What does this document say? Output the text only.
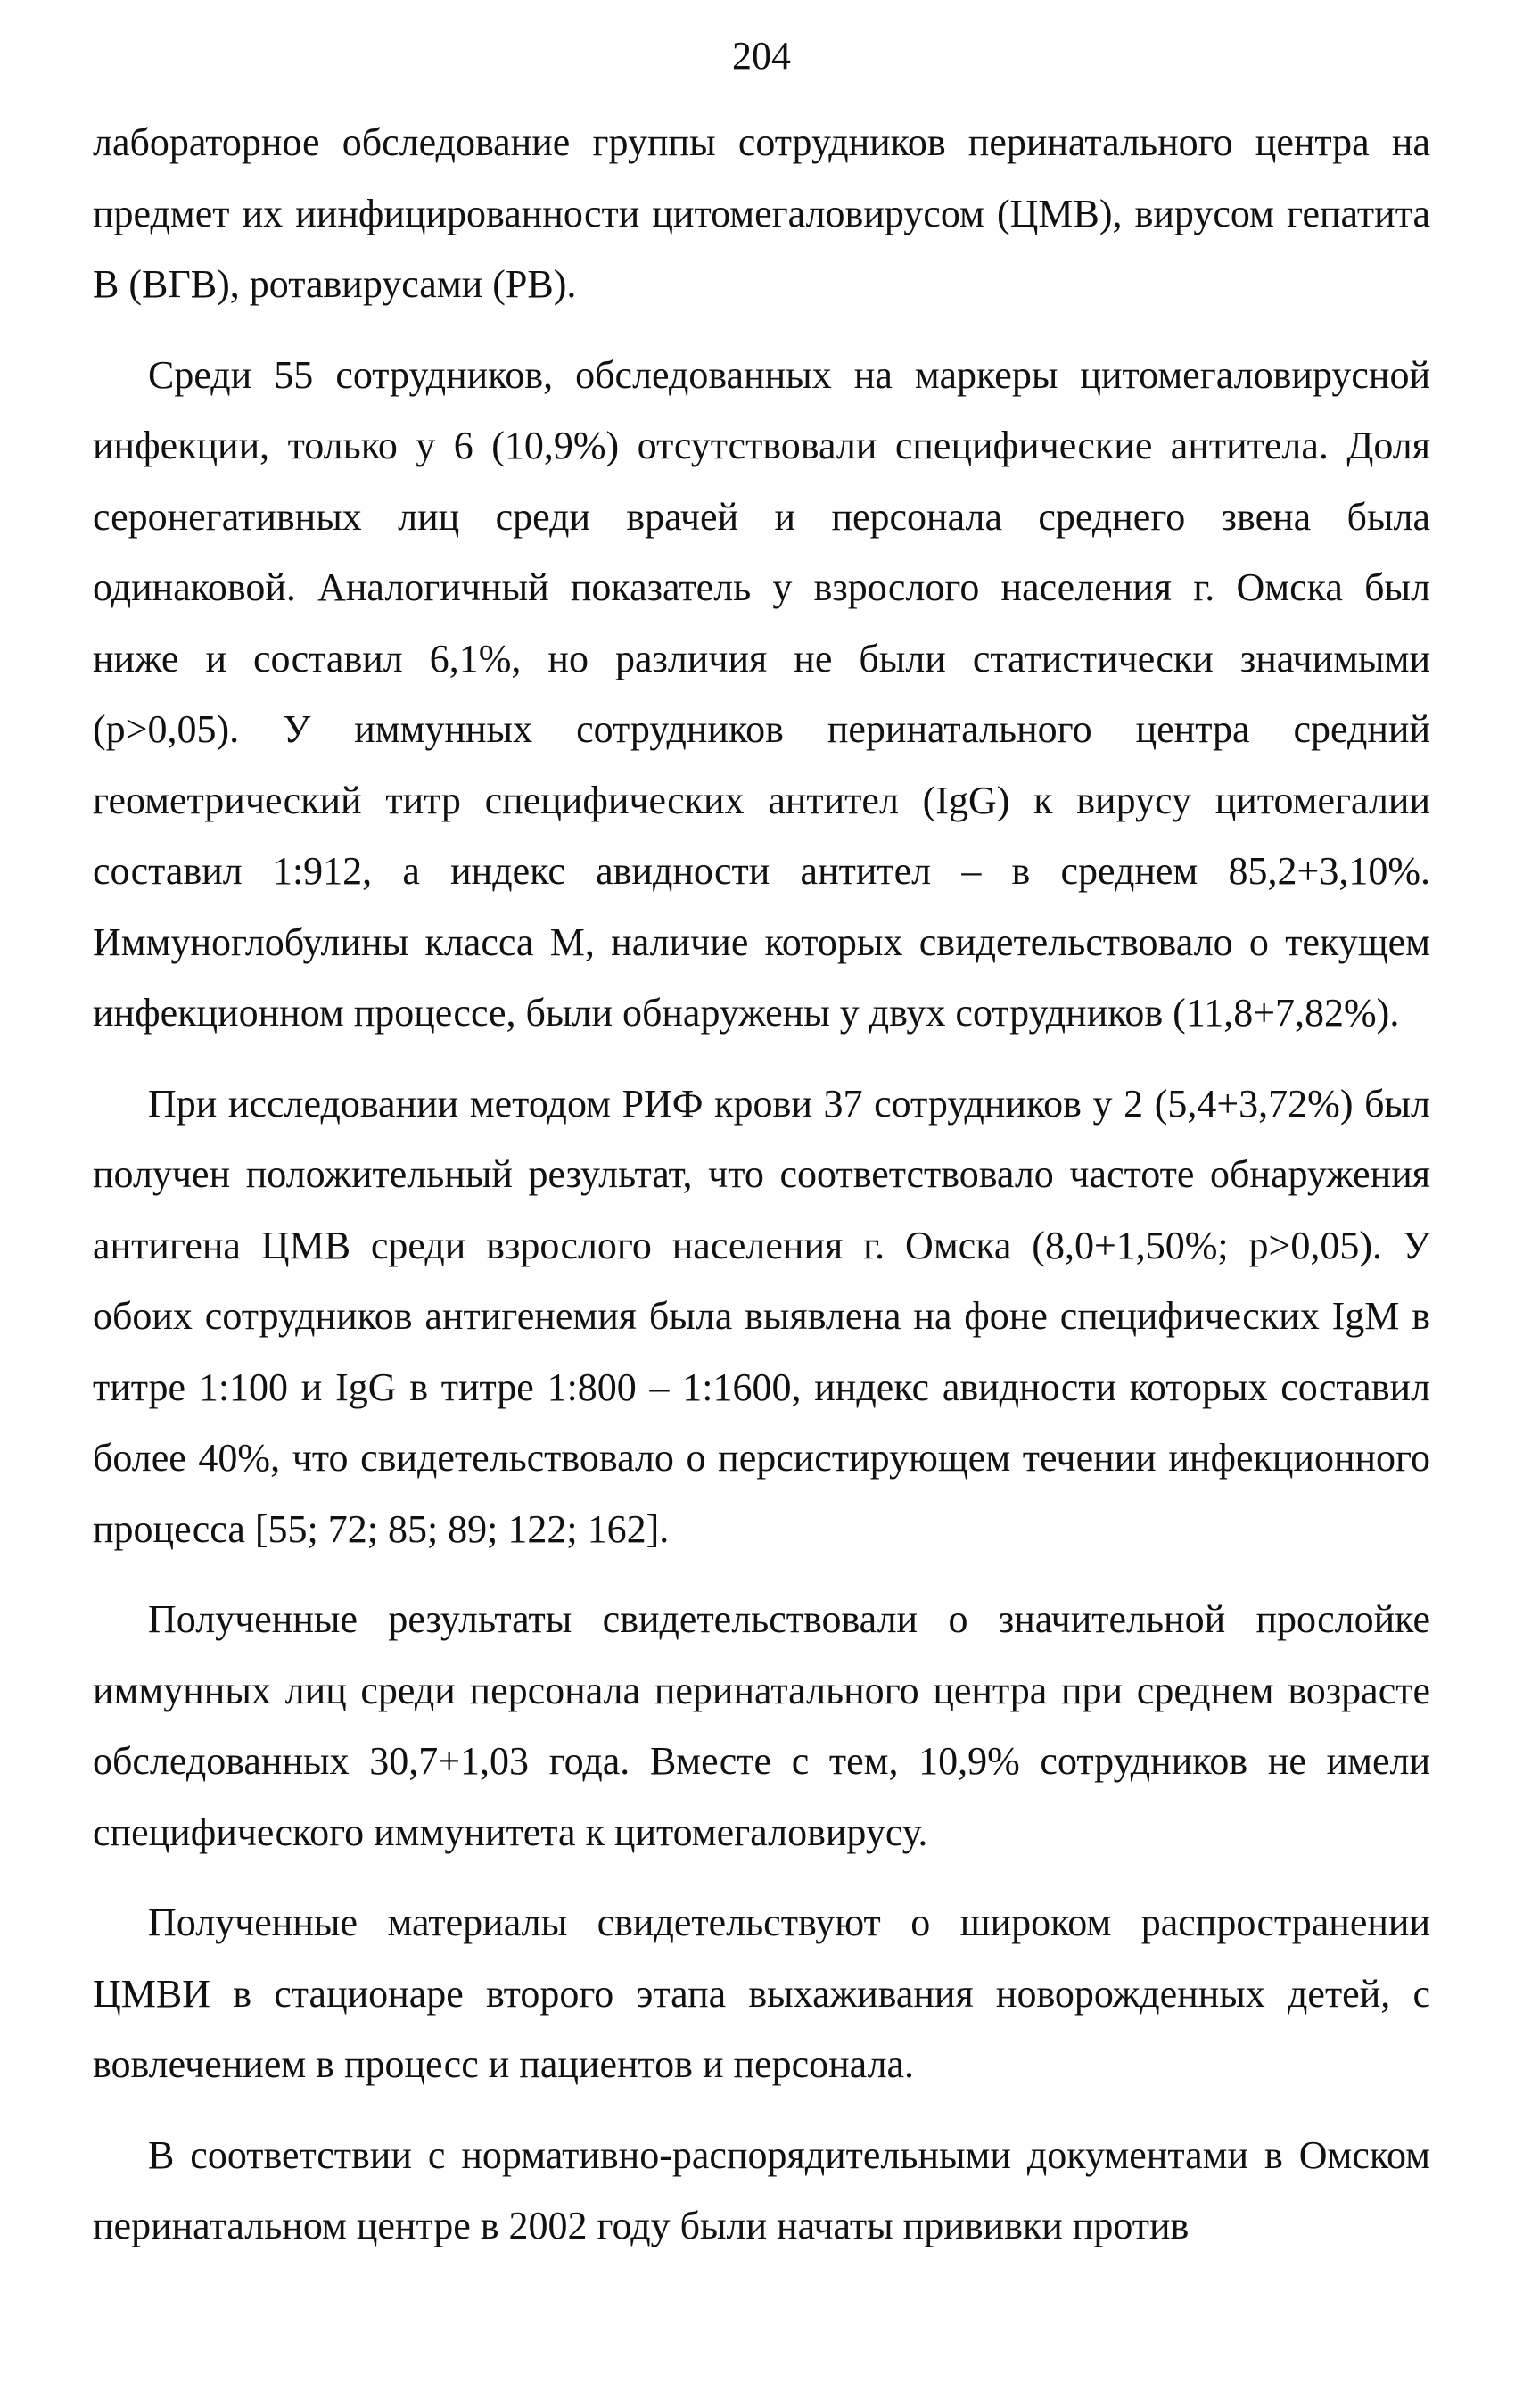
204

лабораторное обследование группы сотрудников перинатального центра на предмет их иинфицированности цитомегаловирусом (ЦМВ), вирусом гепатита В (ВГВ), ротавирусами (РВ).

Среди 55 сотрудников, обследованных на маркеры цитомегаловирусной инфекции, только у 6 (10,9%) отсутствовали специфические антитела. Доля серонегативных лиц среди врачей и персонала среднего звена была одинаковой. Аналогичный показатель у взрослого населения г. Омска был ниже и составил 6,1%, но различия не были статистически значимыми (р>0,05). У иммунных сотрудников перинатального центра средний геометрический титр специфических антител (IgG) к вирусу цитомегалии составил 1:912, а индекс авидности антител – в среднем 85,2+3,10%. Иммуноглобулины класса М, наличие которых свидетельствовало о текущем инфекционном процессе, были обнаружены у двух сотрудников (11,8+7,82%).

При исследовании методом РИФ крови 37 сотрудников у 2 (5,4+3,72%) был получен положительный результат, что соответствовало частоте обнаружения антигена ЦМВ среди взрослого населения г. Омска (8,0+1,50%; р>0,05). У обоих сотрудников антигенемия была выявлена на фоне специфических IgM в титре 1:100 и IgG в титре 1:800 – 1:1600, индекс авидности которых составил более 40%, что свидетельствовало о персистирующем течении инфекционного процесса [55; 72; 85; 89; 122; 162].

Полученные результаты свидетельствовали о значительной прослойке иммунных лиц среди персонала перинатального центра при среднем возрасте обследованных 30,7+1,03 года. Вместе с тем, 10,9% сотрудников не имели специфического иммунитета к цитомегаловирусу.

Полученные материалы свидетельствуют о широком распространении ЦМВИ в стационаре второго этапа выхаживания новорожденных детей, с вовлечением в процесс и пациентов и персонала.

В соответствии с нормативно-распорядительными документами в Омском перинатальном центре в 2002 году были начаты прививки против
